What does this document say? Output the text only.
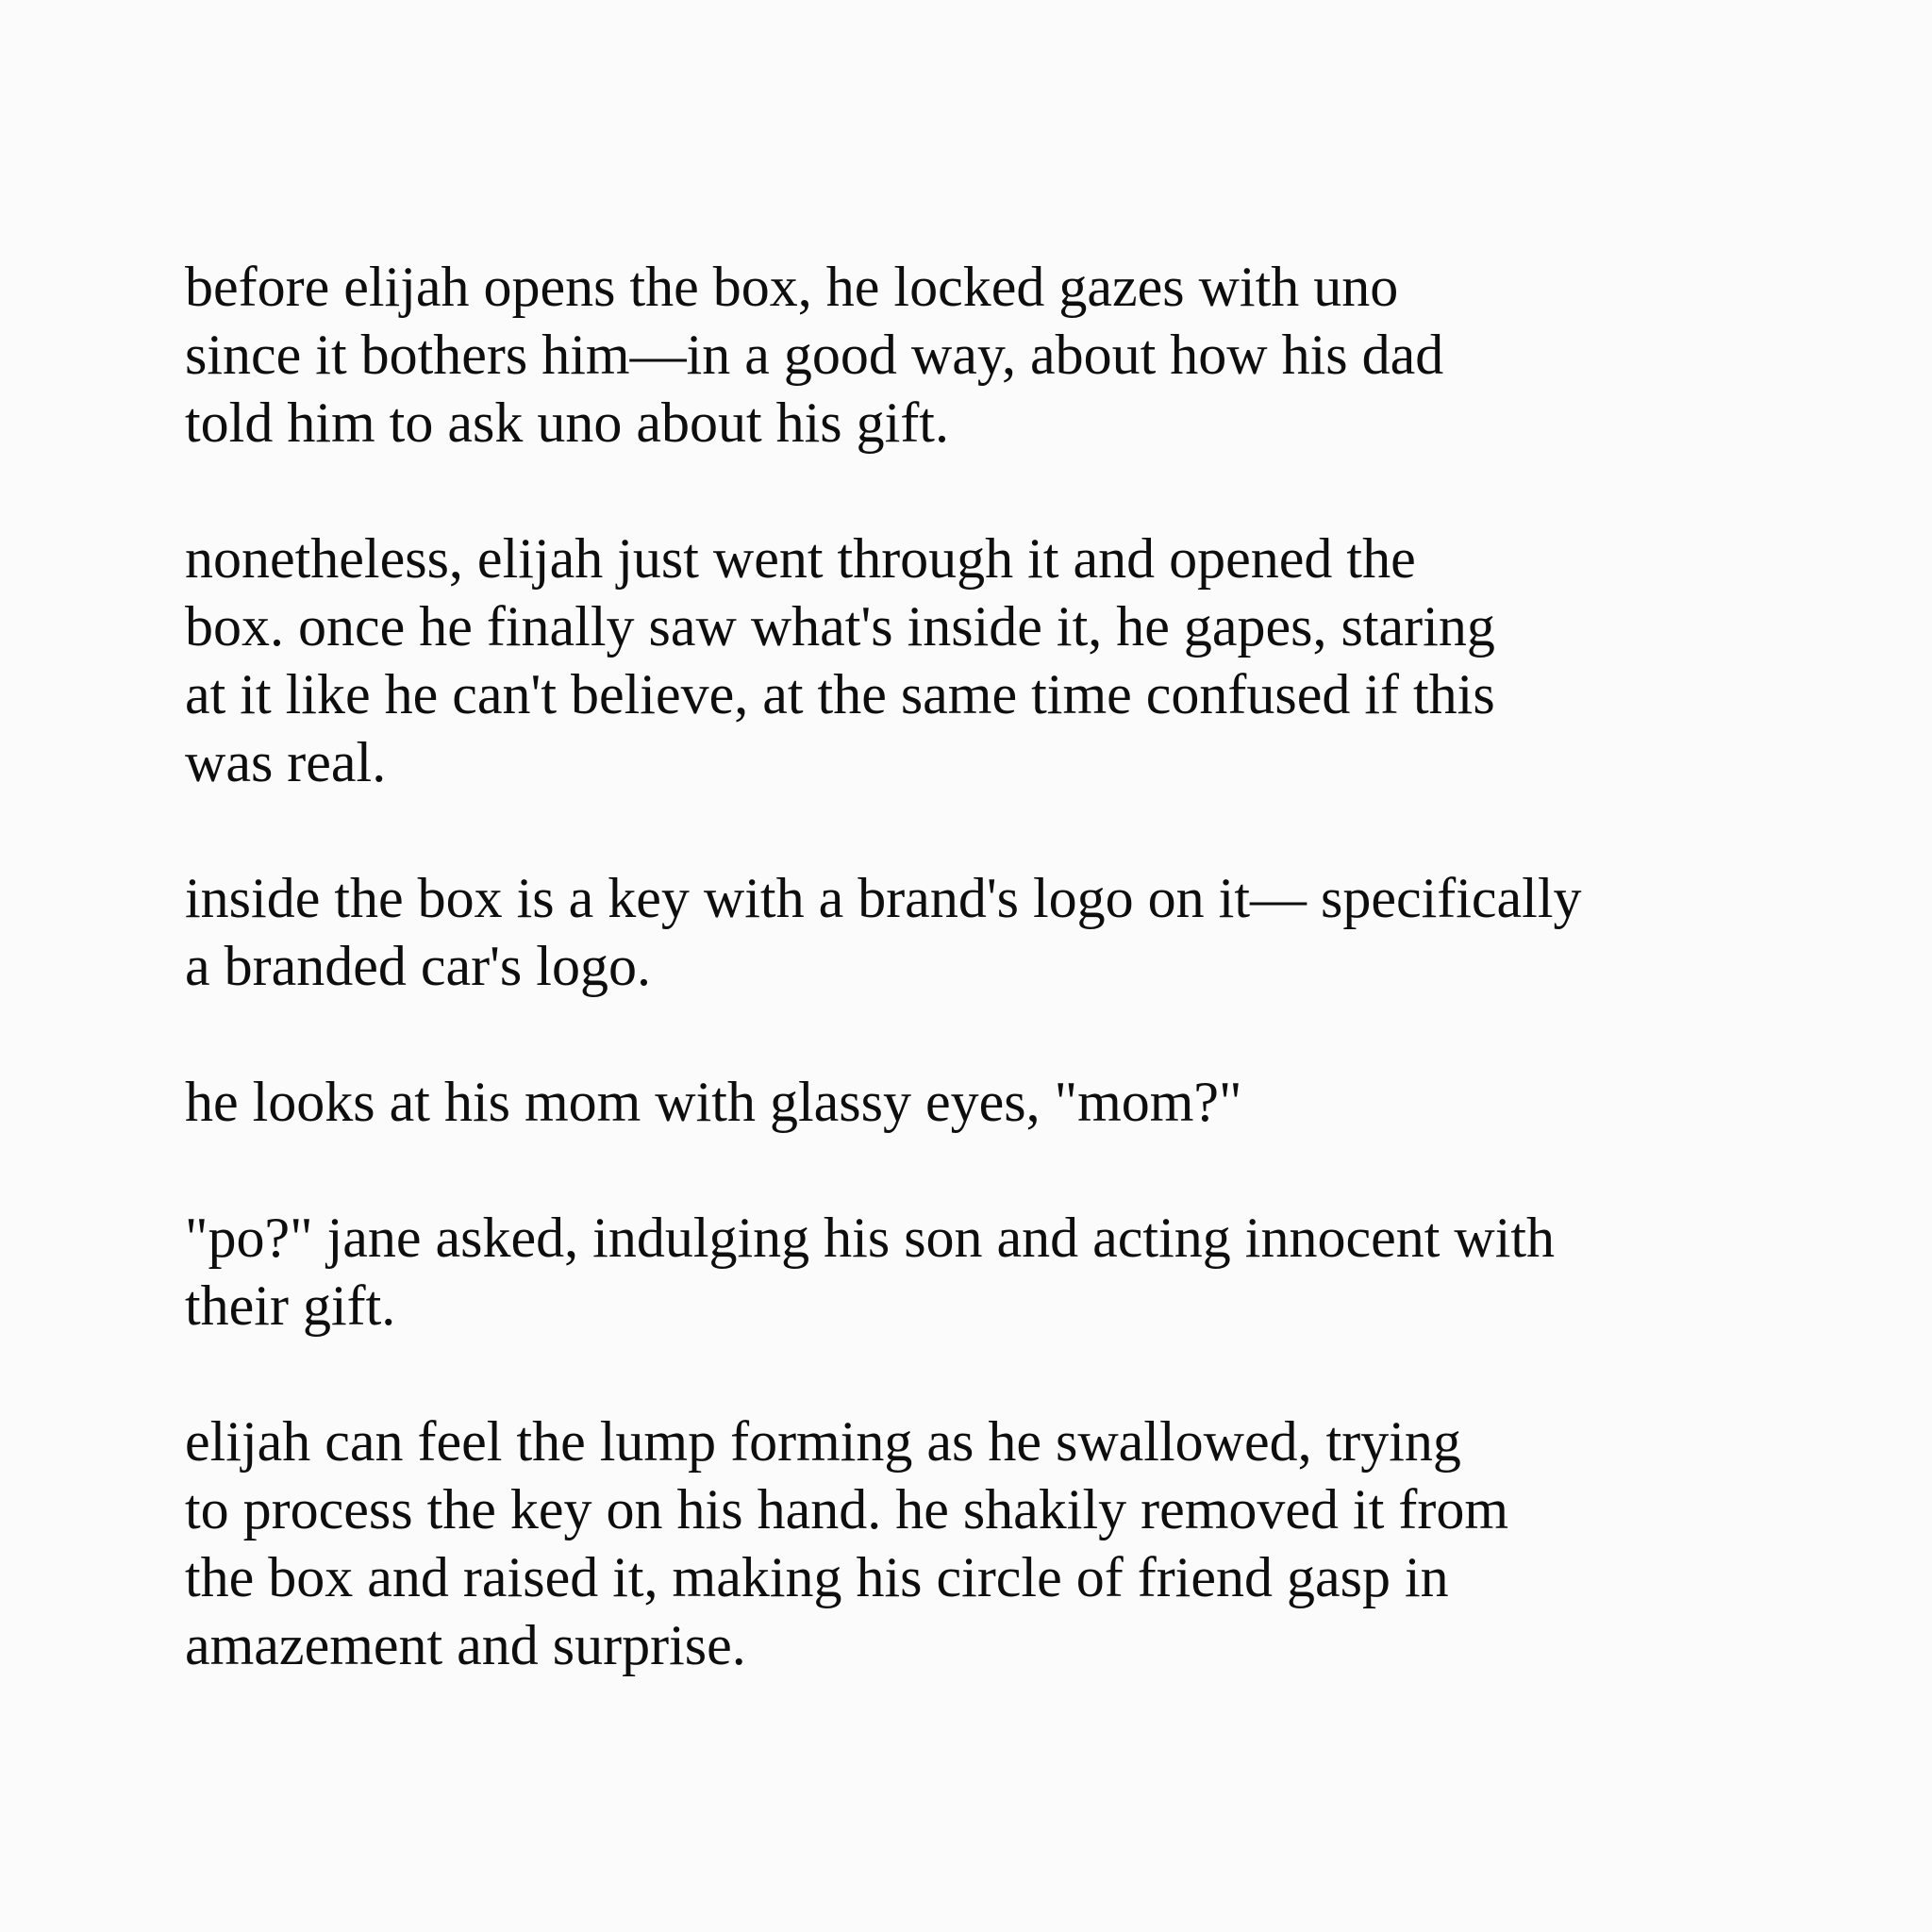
before elijah opens the box, he locked gazes with uno
since it bothers him—in a good way, about how his dad
told him to ask uno about his gift.

nonetheless, elijah just went through it and opened the
box. once he finally saw what's inside it, he gapes, staring
at it like he can't believe, at the same time confused if this
was real.

inside the box is a key with a brand's logo on it— specifically
a branded car's logo.

he looks at his mom with glassy eyes, "mom?"

"po?" jane asked, indulging his son and acting innocent with
their gift.

elijah can feel the lump forming as he swallowed, trying
to process the key on his hand. he shakily removed it from
the box and raised it, making his circle of friend gasp in
amazement and surprise.
